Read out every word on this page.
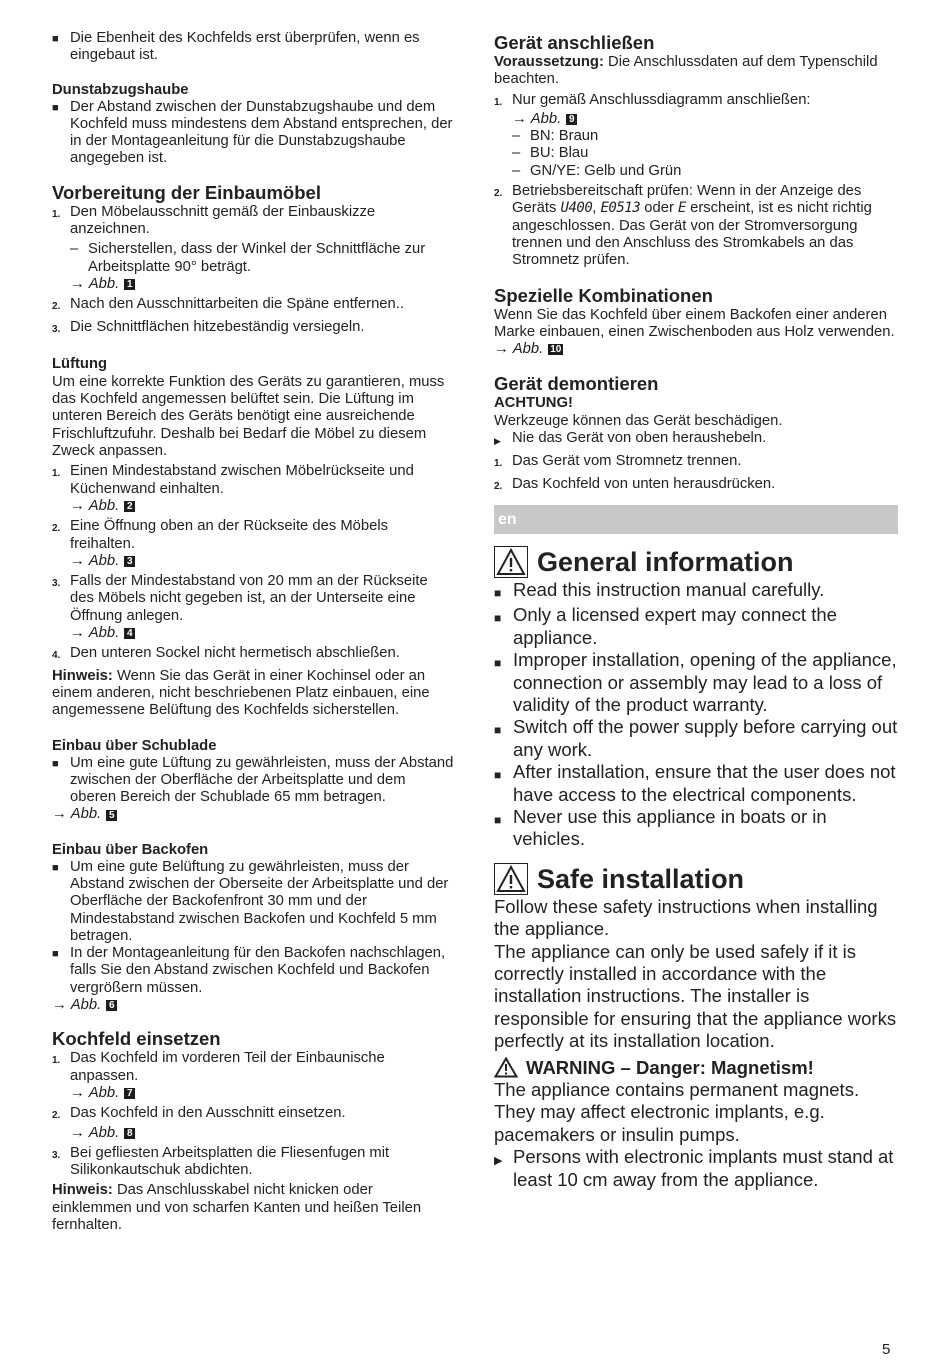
■ Die Ebenheit des Kochfelds erst überprüfen, wenn es eingebaut ist.
Dunstabzugshaube
■ Der Abstand zwischen der Dunstabzugshaube und dem Kochfeld muss mindestens dem Abstand entsprechen, der in der Montageanleitung für die Dunstabzugshaube angegeben ist.
Vorbereitung der Einbaumöbel
1. Den Möbelausschnitt gemäß der Einbauskizze anzeichnen.
– Sicherstellen, dass der Winkel der Schnittfläche zur Arbeitsplatte 90° beträgt.
→ Abb. 1
2. Nach den Ausschnittarbeiten die Späne entfernen..
3. Die Schnittflächen hitzebeständig versiegeln.
Lüftung
Um eine korrekte Funktion des Geräts zu garantieren, muss das Kochfeld angemessen belüftet sein. Die Lüftung im unteren Bereich des Geräts benötigt eine ausreichende Frischluftzufuhr. Deshalb bei Bedarf die Möbel zu diesem Zweck anpassen.
1. Einen Mindestabstand zwischen Möbelrückseite und Küchenwand einhalten.
→ Abb. 2
2. Eine Öffnung oben an der Rückseite des Möbels freihalten.
→ Abb. 3
3. Falls der Mindestabstand von 20 mm an der Rückseite des Möbels nicht gegeben ist, an der Unterseite eine Öffnung anlegen.
→ Abb. 4
4. Den unteren Sockel nicht hermetisch abschließen.
Hinweis: Wenn Sie das Gerät in einer Kochinsel oder an einem anderen, nicht beschriebenen Platz einbauen, eine angemessene Belüftung des Kochfelds sicherstellen.
Einbau über Schublade
■ Um eine gute Lüftung zu gewährleisten, muss der Abstand zwischen der Oberfläche der Arbeitsplatte und dem oberen Bereich der Schublade 65 mm betragen.
→ Abb. 5
Einbau über Backofen
■ Um eine gute Belüftung zu gewährleisten, muss der Abstand zwischen der Oberseite der Arbeitsplatte und der Oberfläche der Backofenfront 30 mm und der Mindestabstand zwischen Backofen und Kochfeld 5 mm betragen.
■ In der Montageanleitung für den Backofen nachschlagen, falls Sie den Abstand zwischen Kochfeld und Backofen vergrößern müssen.
→ Abb. 6
Kochfeld einsetzen
1. Das Kochfeld im vorderen Teil der Einbaunische anpassen.
→ Abb. 7
2. Das Kochfeld in den Ausschnitt einsetzen.
→ Abb. 8
3. Bei gefliesten Arbeitsplatten die Fliesenfugen mit Silikonkautschuk abdichten.
Hinweis: Das Anschlusskabel nicht knicken oder einklemmen und von scharfen Kanten und heißen Teilen fernhalten.
Gerät anschließen
Voraussetzung: Die Anschlussdaten auf dem Typenschild beachten.
1. Nur gemäß Anschlussdiagramm anschließen:
→ Abb. 9
– BN: Braun
– BU: Blau
– GN/YE: Gelb und Grün
2. Betriebsbereitschaft prüfen: Wenn in der Anzeige des Geräts U400, E0513 oder E erscheint, ist es nicht richtig angeschlossen. Das Gerät von der Stromversorgung trennen und den Anschluss des Stromkabels an das Stromnetz prüfen.
Spezielle Kombinationen
Wenn Sie das Kochfeld über einem Backofen einer anderen Marke einbauen, einen Zwischenboden aus Holz verwenden.
→ Abb. 10
Gerät demontieren
ACHTUNG!
Werkzeuge können das Gerät beschädigen.
▶ Nie das Gerät von oben heraushebeln.
1. Das Gerät vom Stromnetz trennen.
2. Das Kochfeld von unten herausdrücken.
en
General information
■ Read this instruction manual carefully.
■ Only a licensed expert may connect the appliance.
■ Improper installation, opening of the appliance, connection or assembly may lead to a loss of validity of the product warranty.
■ Switch off the power supply before carrying out any work.
■ After installation, ensure that the user does not have access to the electrical components.
■ Never use this appliance in boats or in vehicles.
Safe installation
Follow these safety instructions when installing the appliance.
The appliance can only be used safely if it is correctly installed in accordance with the installation instructions. The installer is responsible for ensuring that the appliance works perfectly at its installation location.
WARNING – Danger: Magnetism!
The appliance contains permanent magnets. They may affect electronic implants, e.g. pacemakers or insulin pumps.
▶ Persons with electronic implants must stand at least 10 cm away from the appliance.
5
